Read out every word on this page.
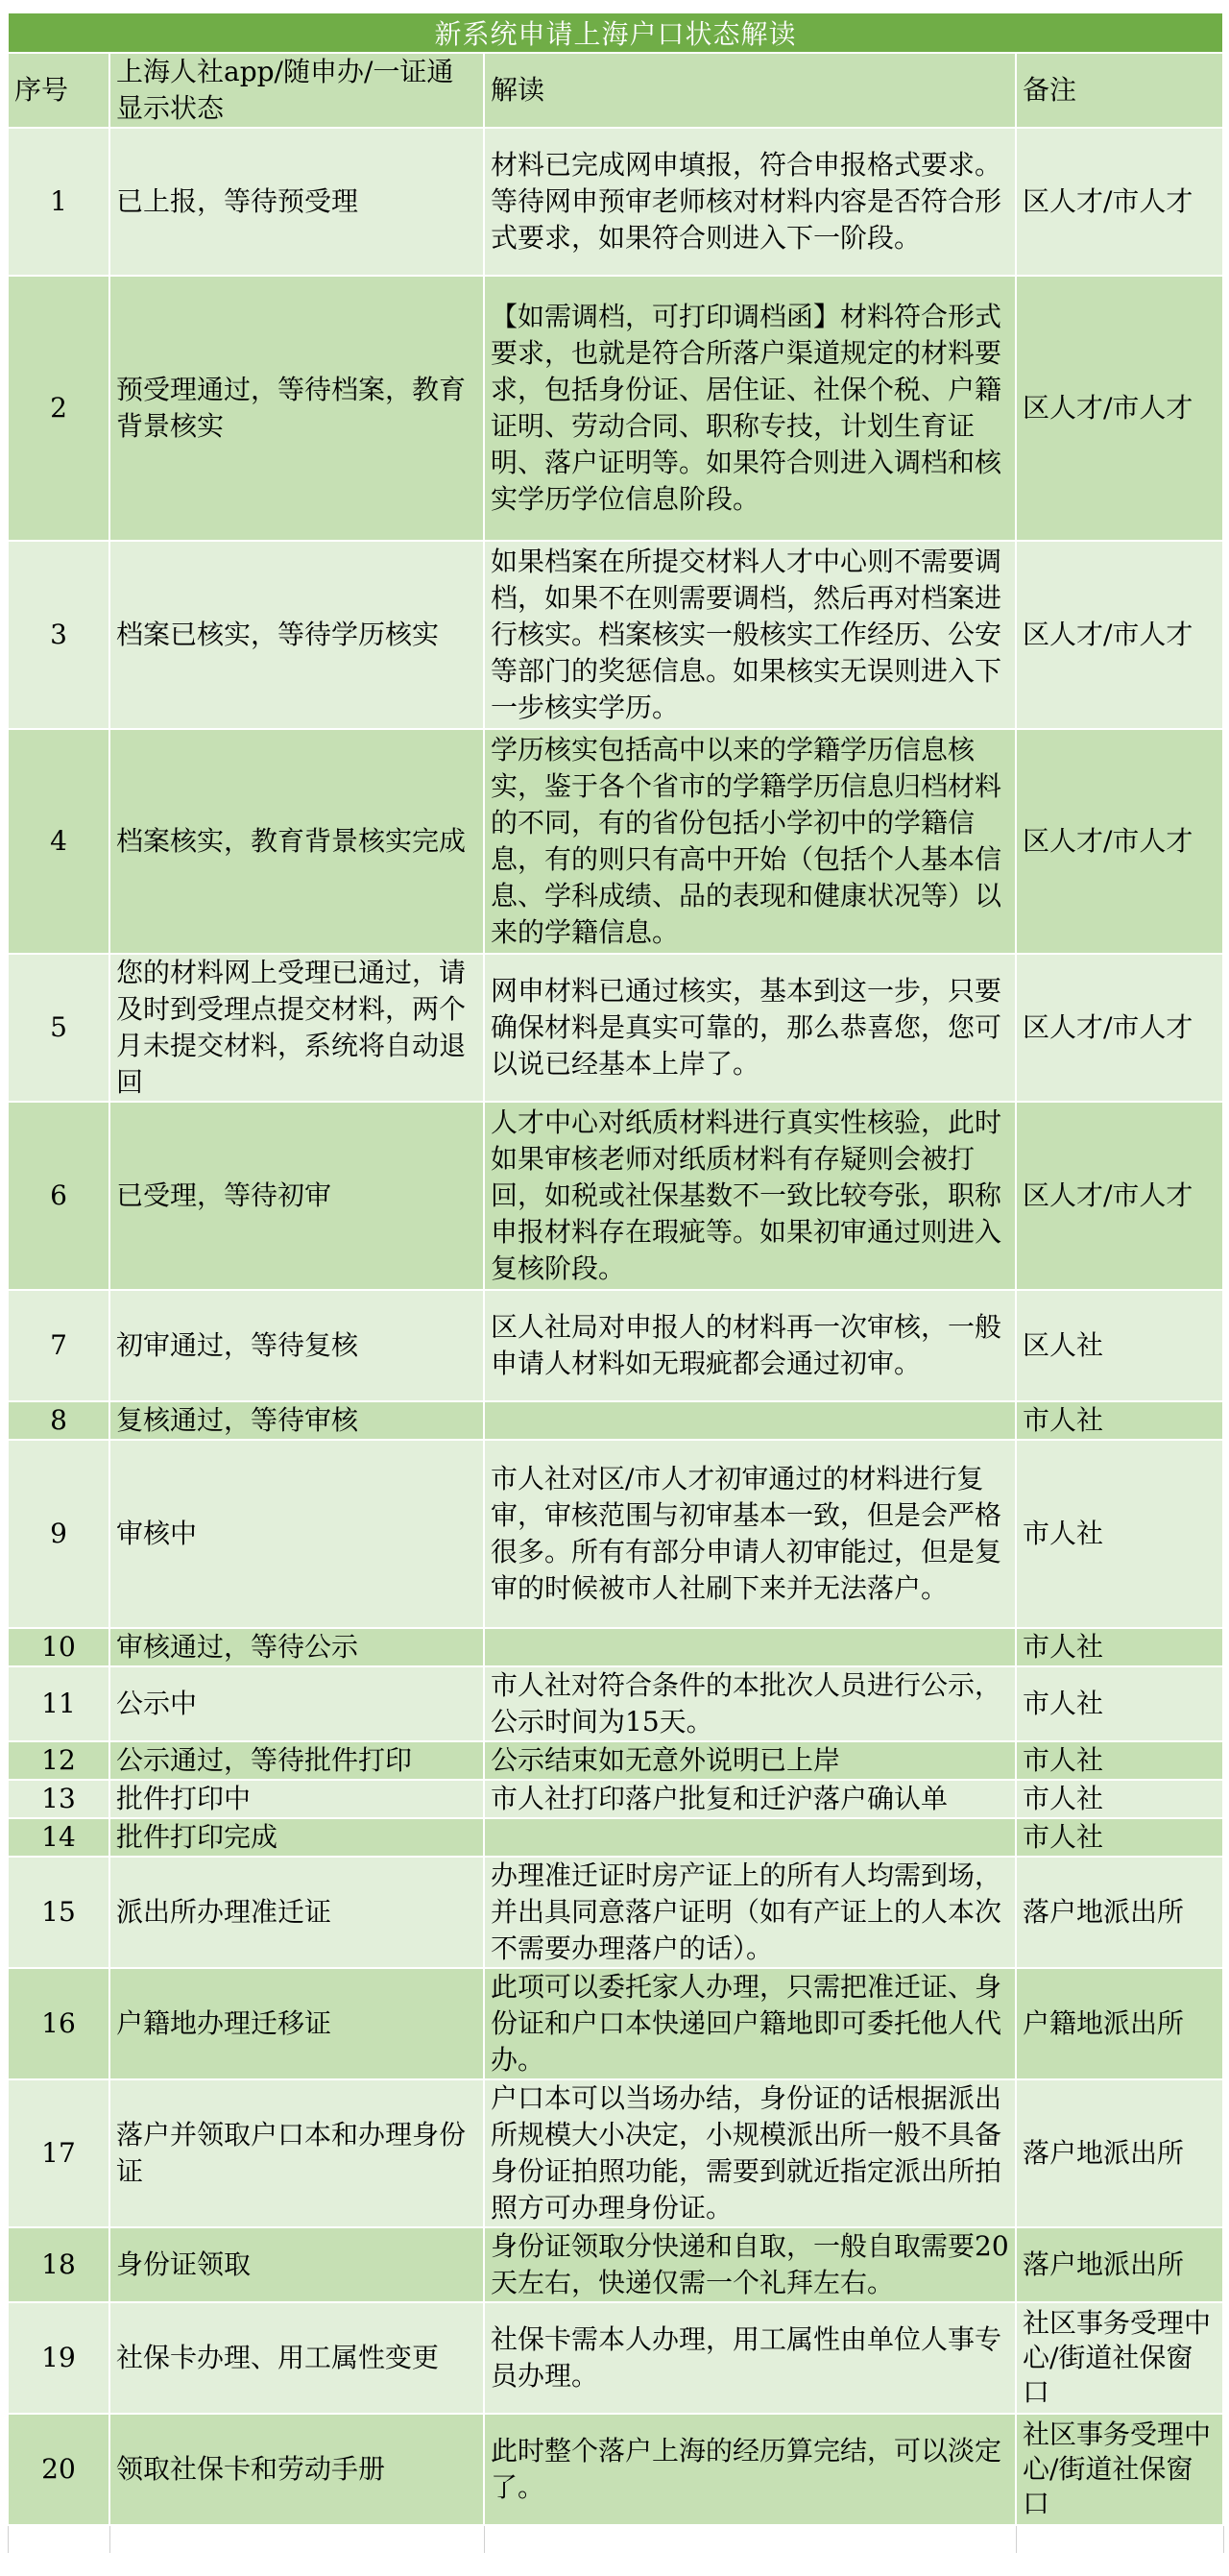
新系统申请上海户口状态解读			
序号	上海人社app/随申办/一证通显示状态	解读	备注
1	已上报，等待预受理	材料已完成网申填报，符合申报格式要求。等待网申预审老师核对材料内容是否符合形式要求，如果符合则进入下一阶段。	区人才/市人才
2	预受理通过，等待档案，教育背景核实	【如需调档，可打印调档函】材料符合形式要求，也就是符合所落户渠道规定的材料要求，包括身份证、居住证、社保个税、户籍证明、劳动合同、职称专技，计划生育证明、落户证明等。如果符合则进入调档和核实学历学位信息阶段。	区人才/市人才
3	档案已核实，等待学历核实	如果档案在所提交材料人才中心则不需要调档，如果不在则需要调档，然后再对档案进行核实。档案核实一般核实工作经历、公安等部门的奖惩信息。如果核实无误则进入下一步核实学历。	区人才/市人才
4	档案核实，教育背景核实完成	学历核实包括高中以来的学籍学历信息核实，鉴于各个省市的学籍学历信息归档材料的不同，有的省份包括小学初中的学籍信息，有的则只有高中开始（包括个人基本信息、学科成绩、品的表现和健康状况等）以来的学籍信息。	区人才/市人才
5	您的材料网上受理已通过，请及时到受理点提交材料，两个月未提交材料，系统将自动退回	网申材料已通过核实，基本到这一步，只要确保材料是真实可靠的，那么恭喜您，您可以说已经基本上岸了。	区人才/市人才
6	已受理，等待初审	人才中心对纸质材料进行真实性核验，此时如果审核老师对纸质材料有存疑则会被打回，如税或社保基数不一致比较夸张，职称申报材料存在瑕疵等。如果初审通过则进入复核阶段。	区人才/市人才
7	初审通过，等待复核	区人社局对申报人的材料再一次审核，一般申请人材料如无瑕疵都会通过初审。	区人社
8	复核通过，等待审核		市人社
9	审核中	市人社对区/市人才初审通过的材料进行复审，审核范围与初审基本一致，但是会严格很多。所有有部分申请人初审能过，但是复审的时候被市人社刷下来并无法落户。	市人社
10	审核通过，等待公示		市人社
11	公示中	市人社对符合条件的本批次人员进行公示，公示时间为15天。	市人社
12	公示通过，等待批件打印	公示结束如无意外说明已上岸	市人社
13	批件打印中	市人社打印落户批复和迁沪落户确认单	市人社
14	批件打印完成		市人社
15	派出所办理准迁证	办理准迁证时房产证上的所有人均需到场，并出具同意落户证明（如有产证上的人本次不需要办理落户的话）。	落户地派出所
16	户籍地办理迁移证	此项可以委托家人办理，只需把准迁证、身份证和户口本快递回户籍地即可委托他人代办。	户籍地派出所
17	落户并领取户口本和办理身份证	户口本可以当场办结，身份证的话根据派出所规模大小决定，小规模派出所一般不具备身份证拍照功能，需要到就近指定派出所拍照方可办理身份证。	落户地派出所
18	身份证领取	身份证领取分快递和自取，一般自取需要20天左右，快递仅需一个礼拜左右。	落户地派出所
19	社保卡办理、用工属性变更	社保卡需本人办理，用工属性由单位人事专员办理。	社区事务受理中心/街道社保窗口
20	领取社保卡和劳动手册	此时整个落户上海的经历算完结，可以淡定了。	社区事务受理中心/街道社保窗口
